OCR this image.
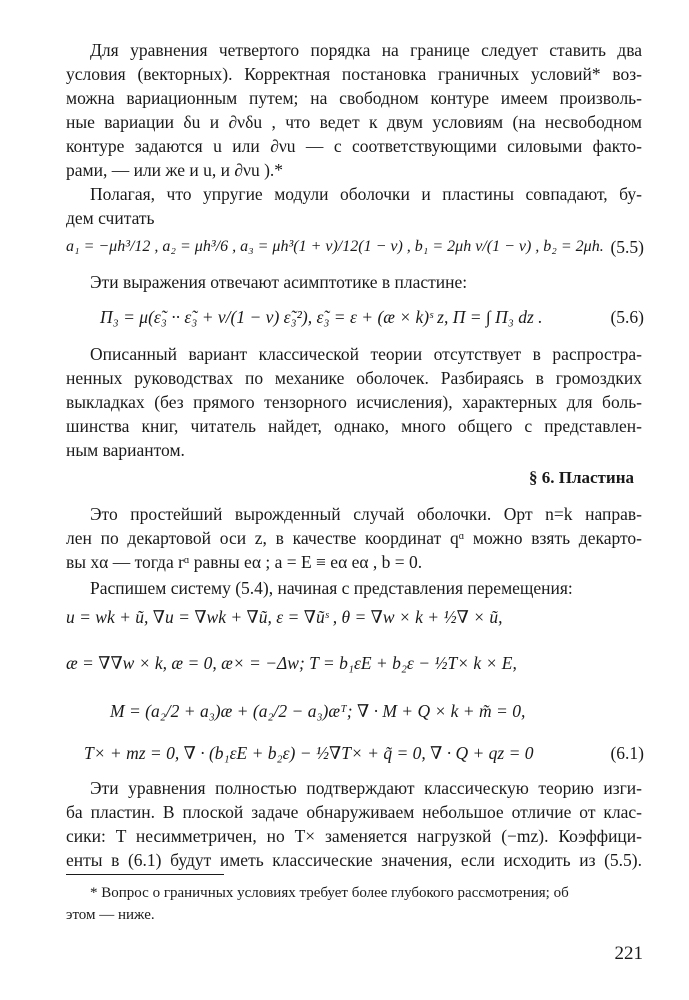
Для уравнения четвертого порядка на границе следует ставить два
условия (векторных). Корректная постановка граничных условий* воз-
можна вариационным путем; на свободном контуре имеем произволь-
ные вариации δu и ∂νδu , что ведет к двум условиям (на несвободном
контуре задаются u или ∂νu — с соответствующими силовыми факто-
рами, — или же и u, и ∂νu ).*
Полагая, что упругие модули оболочки и пластины совпадают, бу-
дем считать
a₁ = −μh³/12 , a₂ = μh³/6 , a₃ = μh³(1 + ν)/12(1 − ν) , b₁ = 2μh ν/(1 − ν) , b₂ = 2μh. (5.5)
Эти выражения отвечают асимптотике в пластине:
Π₃ = μ(ε̃₃ ·· ε̃₃ + ν/(1 − ν) ε̃₃²), ε̃₃ = ε + (æ × k)ˢ z, Π = ∫ Π₃ dz .	(5.6)
Описанный вариант классической теории отсутствует в распростра-
ненных руководствах по механике оболочек. Разбираясь в громоздких
выкладках (без прямого тензорного исчисления), характерных для боль-
шинства книг, читатель найдет, однако, много общего с представлен-
ным вариантом.
§ 6. Пластина
Это простейший вырожденный случай оболочки. Орт n=k направ-
лен по декартовой оси z, в качестве координат qᵅ можно взять декарто-
вы xα — тогда rᵅ равны eα ; a = E ≡ eα eα , b = 0.
Распишем систему (5.4), начиная с представления перемещения:
u = wk + ũ, ∇u = ∇wk + ∇ũ, ε = ∇ũˢ , θ = ∇w × k + ½∇ × ũ,
æ = ∇∇w × k, æ = 0, æ× = −Δw; T = b₁εE + b₂ε − ½T× k × E,
M = (a₂/2 + a₃)æ + (a₂/2 − a₃)æᵀ; ∇ · M + Q × k + m̃ = 0,
T× + mz = 0, ∇ · (b₁εE + b₂ε) − ½∇T× + q̃ = 0, ∇ · Q + qz = 0	(6.1)
Эти уравнения полностью подтверждают классическую теорию изги-
ба пластин. В плоской задаче обнаруживаем небольшое отличие от клас-
сики: T несимметричен, но T× заменяется нагрузкой (−mz). Коэффици-
енты в (6.1) будут иметь классические значения, если исходить из (5.5).
* Вопрос о граничных условиях требует более глубокого рассмотрения; об
этом — ниже.
221
